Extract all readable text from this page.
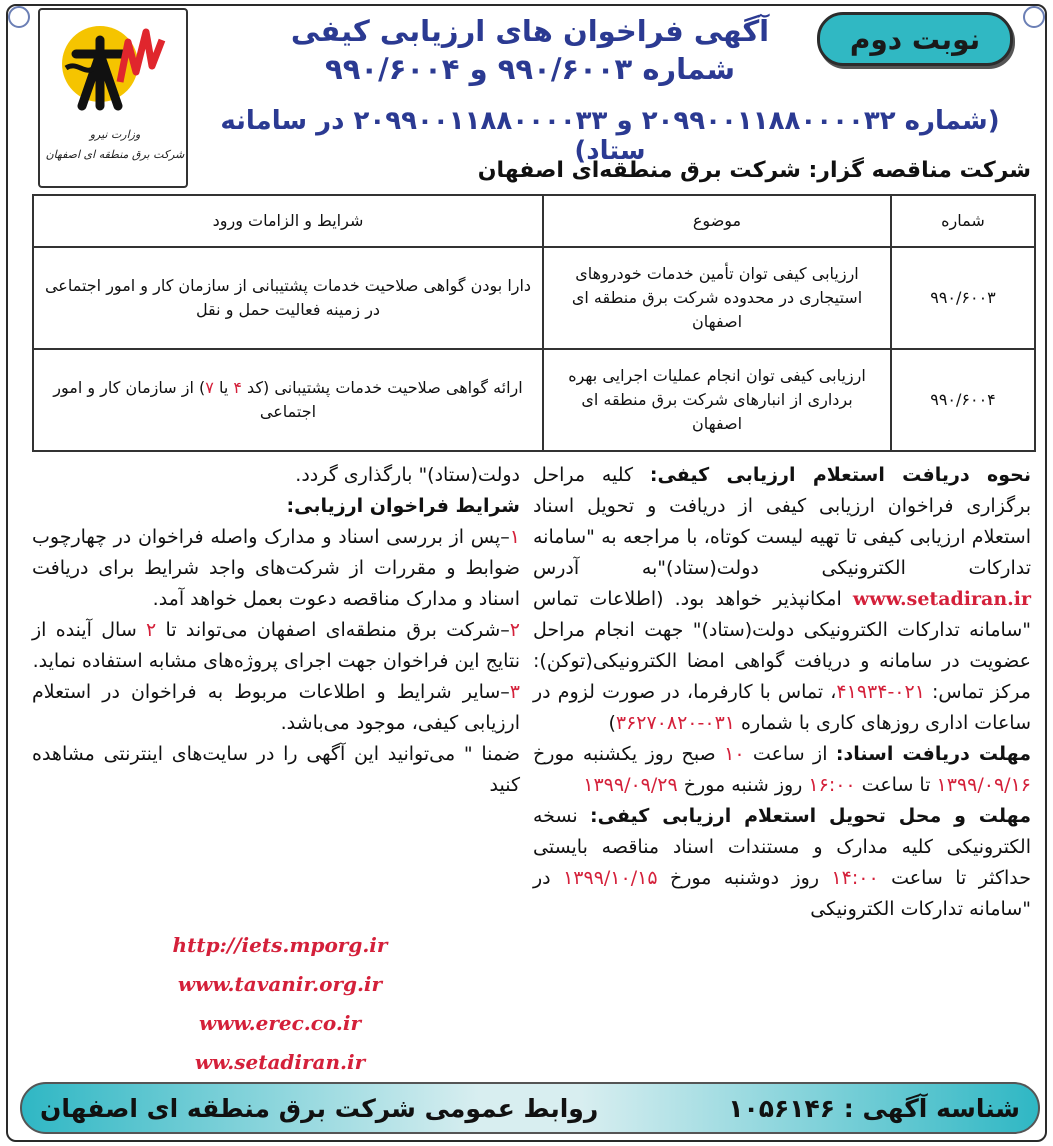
وزارت نیرو
شرکت برق منطقه ای اصفهان
نوبت دوم
آگهی فراخوان های ارزیابی کیفی
شماره ۹۹۰/۶۰۰۳ و ۹۹۰/۶۰۰۴
(شماره ۲۰۹۹۰۰۱۱۸۸۰۰۰۰۳۲ و ۲۰۹۹۰۰۱۱۸۸۰۰۰۰۳۳ در سامانه ستاد)
شرکت مناقصه گزار: شرکت برق منطقه‌ای اصفهان
شماره	موضوع	شرایط و الزامات ورود
۹۹۰/۶۰۰۳	ارزیابی کیفی توان تأمین خدمات خودروهای استیجاری در محدوده شرکت برق منطقه ای اصفهان	دارا بودن گواهی صلاحیت خدمات پشتیبانی از سازمان کار و امور اجتماعی در زمینه فعالیت حمل و نقل
۹۹۰/۶۰۰۴	ارزیابی کیفی توان انجام عملیات اجرایی بهره برداری از انبارهای شرکت برق منطقه ای اصفهان	ارائه گواهی صلاحیت خدمات پشتیبانی (کد ۴ یا ۷) از سازمان کار و امور اجتماعی

نحوه دریافت استعلام ارزیابی کیفی: کلیه مراحل برگزاری فراخوان ارزیابی کیفی از دریافت و تحویل اسناد استعلام ارزیابی کیفی تا تهیه لیست کوتاه، با مراجعه به "سامانه تدارکات الکترونیکی دولت(ستاد)"به آدرس www.setadiran.ir امکانپذیر خواهد بود. (اطلاعات تماس "سامانه تدارکات الکترونیکی دولت(ستاد)" جهت انجام مراحل عضویت در سامانه و دریافت گواهی امضا الکترونیکی(توکن): مرکز تماس: ۰۲۱-۴۱۹۳۴، تماس با کارفرما، در صورت لزوم در ساعات اداری روزهای کاری با شماره ۰۳۱-۳۶۲۷۰۸۲۰)

مهلت دریافت اسناد: از ساعت ۱۰ صبح روز یکشنبه مورخ ۱۳۹۹/۰۹/۱۶ تا ساعت ۱۶:۰۰ روز شنبه مورخ ۱۳۹۹/۰۹/۲۹

مهلت و محل تحویل استعلام ارزیابی کیفی: نسخه الکترونیکی کلیه مدارک و مستندات اسناد مناقصه بایستی حداکثر تا ساعت ۱۴:۰۰ روز دوشنبه مورخ ۱۳۹۹/۱۰/۱۵ در "سامانه تدارکات الکترونیکی

دولت(ستاد)" بارگذاری گردد.

شرایط فراخوان ارزیابی:

۱–پس از بررسی اسناد و مدارک واصله فراخوان در چهارچوب ضوابط و مقررات از شرکت‌های واجد شرایط برای دریافت اسناد و مدارک مناقصه دعوت بعمل خواهد آمد.

۲–شرکت برق منطقه‌ای اصفهان می‌تواند تا ۲ سال آینده از نتایج این فراخوان جهت اجرای پروژه‌های مشابه استفاده نماید.

۳–سایر شرایط و اطلاعات مربوط به فراخوان در استعلام ارزیابی کیفی، موجود می‌باشد.

ضمنا " می‌توانید این آگهی را در سایت‌های اینترنتی مشاهده کنید

http://iets.mporg.ir
www.tavanir.org.ir
www.erec.co.ir
ww.setadiran.ir
شناسه آگهی : ۱۰۵۶۱۴۶
روابط عمومی شرکت برق منطقه ای اصفهان
